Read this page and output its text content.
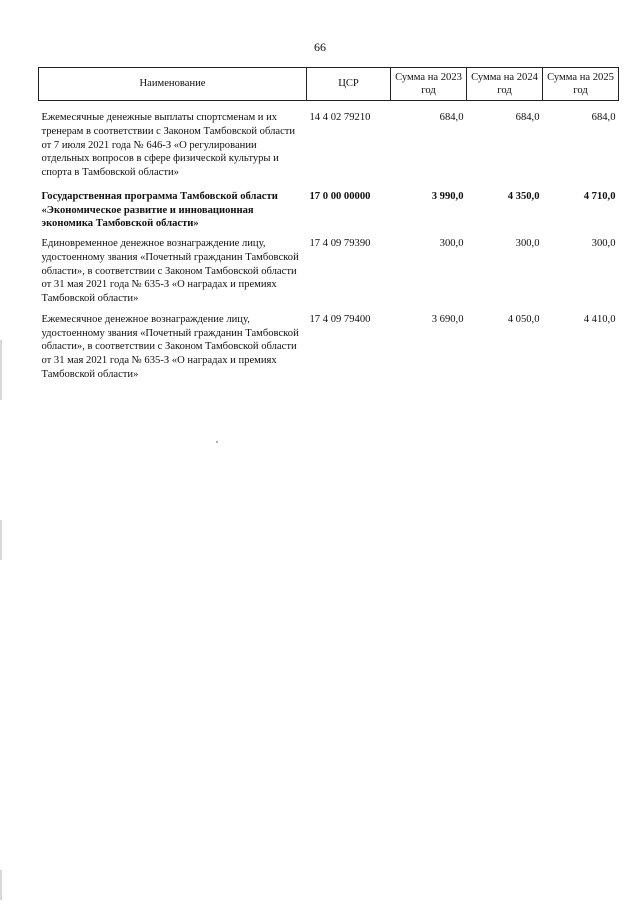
66
Наименование	ЦСР	Сумма на 2023 год	Сумма на 2024 год	Сумма на 2025 год

Ежемесячные денежные выплаты спортсменам и их тренерам в соответствии с Законом Тамбовской области от 7 июля 2021 года № 646-З «О регулировании отдельных вопросов в сфере физической культуры и спорта в Тамбовской области»	14 4 02 79210	684,0	684,0	684,0
Государственная программа Тамбовской области «Экономическое развитие и инновационная экономика Тамбовской области»	17 0 00 00000	3 990,0	4 350,0	4 710,0
Единовременное денежное вознаграждение лицу, удостоенному звания «Почетный гражданин Тамбовской области», в соответствии с Законом Тамбовской области от 31 мая 2021 года № 635-З «О наградах и премиях Тамбовской области»	17 4 09 79390	300,0	300,0	300,0
Ежемесячное денежное вознаграждение лицу, удостоенному звания «Почетный гражданин Тамбовской области», в соответствии с Законом Тамбовской области от 31 мая 2021 года № 635-З «О наградах и премиях Тамбовской области»	17 4 09 79400	3 690,0	4 050,0	4 410,0
